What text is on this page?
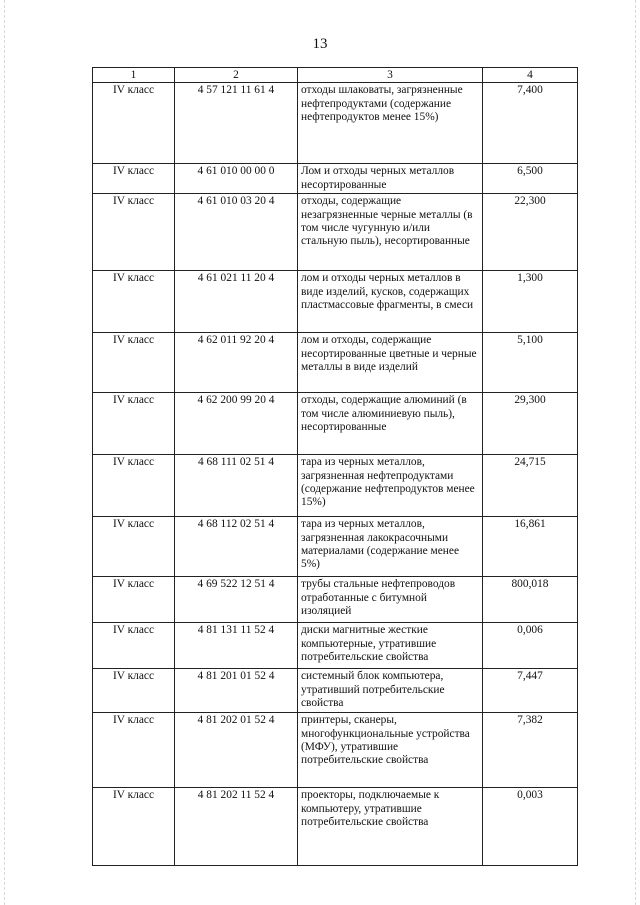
13
1	2	3	4
IV класс	4 57 121 11 61 4	отходы шлаковаты, загрязненные нефтепродуктами (содержание нефтепродуктов менее 15%)	7,400
IV класс	4 61 010 00 00 0	Лом и отходы черных металлов несортированные	6,500
IV класс	4 61 010 03 20 4	отходы, содержащие незагрязненные черные металлы (в том числе чугунную и/или стальную пыль), несортированные	22,300
IV класс	4 61 021 11 20 4	лом и отходы черных металлов в виде изделий, кусков, содержащих пластмассовые фрагменты, в смеси	1,300
IV класс	4 62 011 92 20 4	лом и отходы, содержащие несортированные цветные и черные металлы в виде изделий	5,100
IV класс	4 62 200 99 20 4	отходы, содержащие алюминий (в том числе алюминиевую пыль), несортированные	29,300
IV класс	4 68 111 02 51 4	тара из черных металлов, загрязненная нефтепродуктами (содержание нефтепродуктов менее 15%)	24,715
IV класс	4 68 112 02 51 4	тара из черных металлов, загрязненная лакокрасочными материалами (содержание менее 5%)	16,861
IV класс	4 69 522 12 51 4	трубы стальные нефтепроводов отработанные с битумной изоляцией	800,018
IV класс	4 81 131 11 52 4	диски магнитные жесткие компьютерные, утратившие потребительские свойства	0,006
IV класс	4 81 201 01 52 4	системный блок компьютера, утративший потребительские свойства	7,447
IV класс	4 81 202 01 52 4	принтеры, сканеры, многофункциональные устройства (МФУ), утратившие потребительские свойства	7,382
IV класс	4 81 202 11 52 4	проекторы, подключаемые к компьютеру, утратившие потребительские свойства	0,003
